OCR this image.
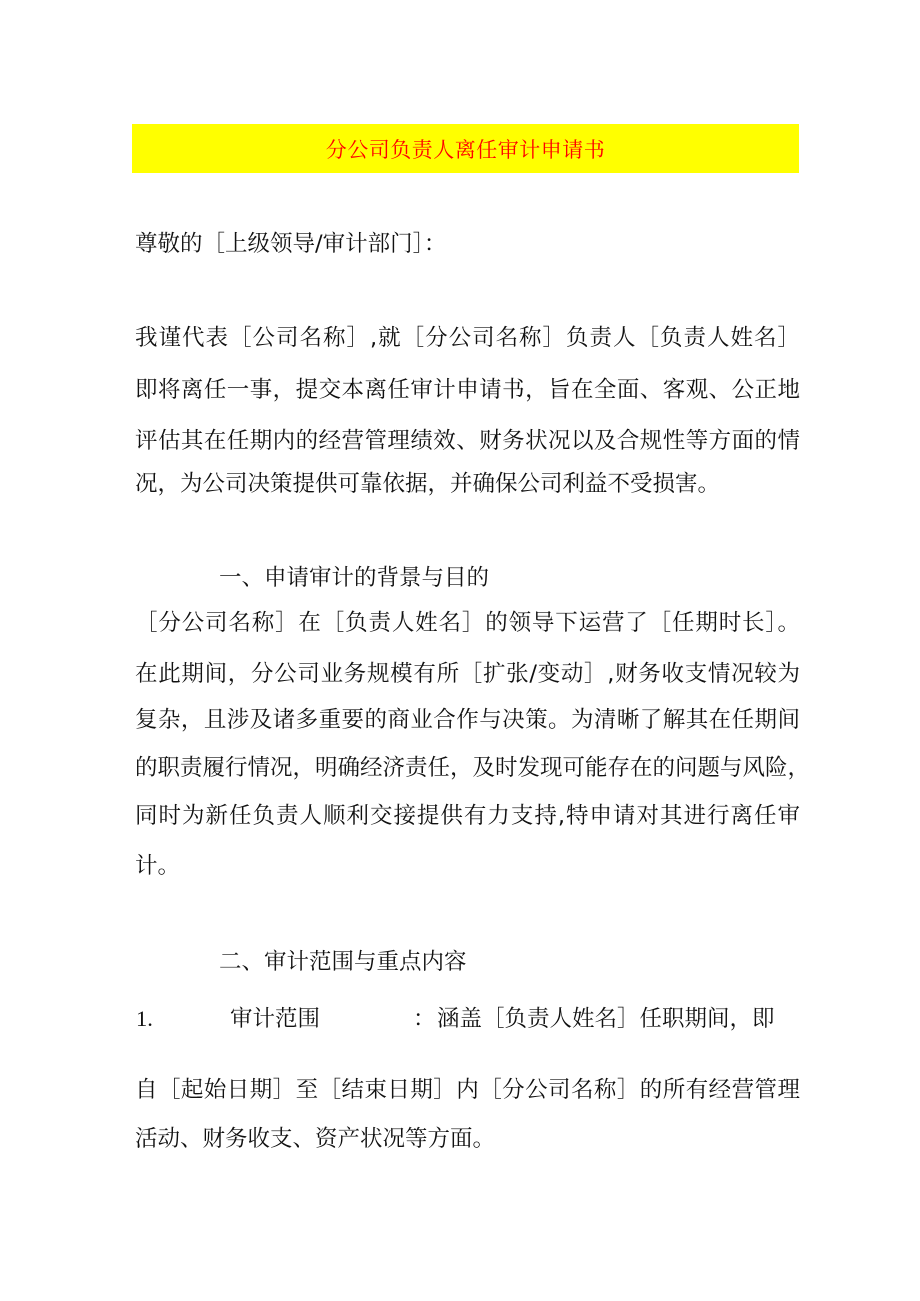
分公司负责人离任审计申请书
尊敬的［上级领导/审计部门］：
我谨代表［公司名称］,就［分公司名称］负责人［负责人姓名］
即将离任一事，提交本离任审计申请书，旨在全面、客观、公正地
评估其在任期内的经营管理绩效、财务状况以及合规性等方面的情
况，为公司决策提供可靠依据，并确保公司利益不受损害。
一、申请审计的背景与目的
［分公司名称］在［负责人姓名］的领导下运营了［任期时长］。
在此期间，分公司业务规模有所［扩张/变动］,财务收支情况较为
复杂，且涉及诸多重要的商业合作与决策。为清晰了解其在任期间
的职责履行情况，明确经济责任，及时发现可能存在的问题与风险，
同时为新任负责人顺利交接提供有力支持,特申请对其进行离任审
计。
二、审计范围与重点内容
1.	审计范围	： 涵盖［负责人姓名］任职期间，即
自［起始日期］至［结束日期］内［分公司名称］的所有经营管理
活动、财务收支、资产状况等方面。
